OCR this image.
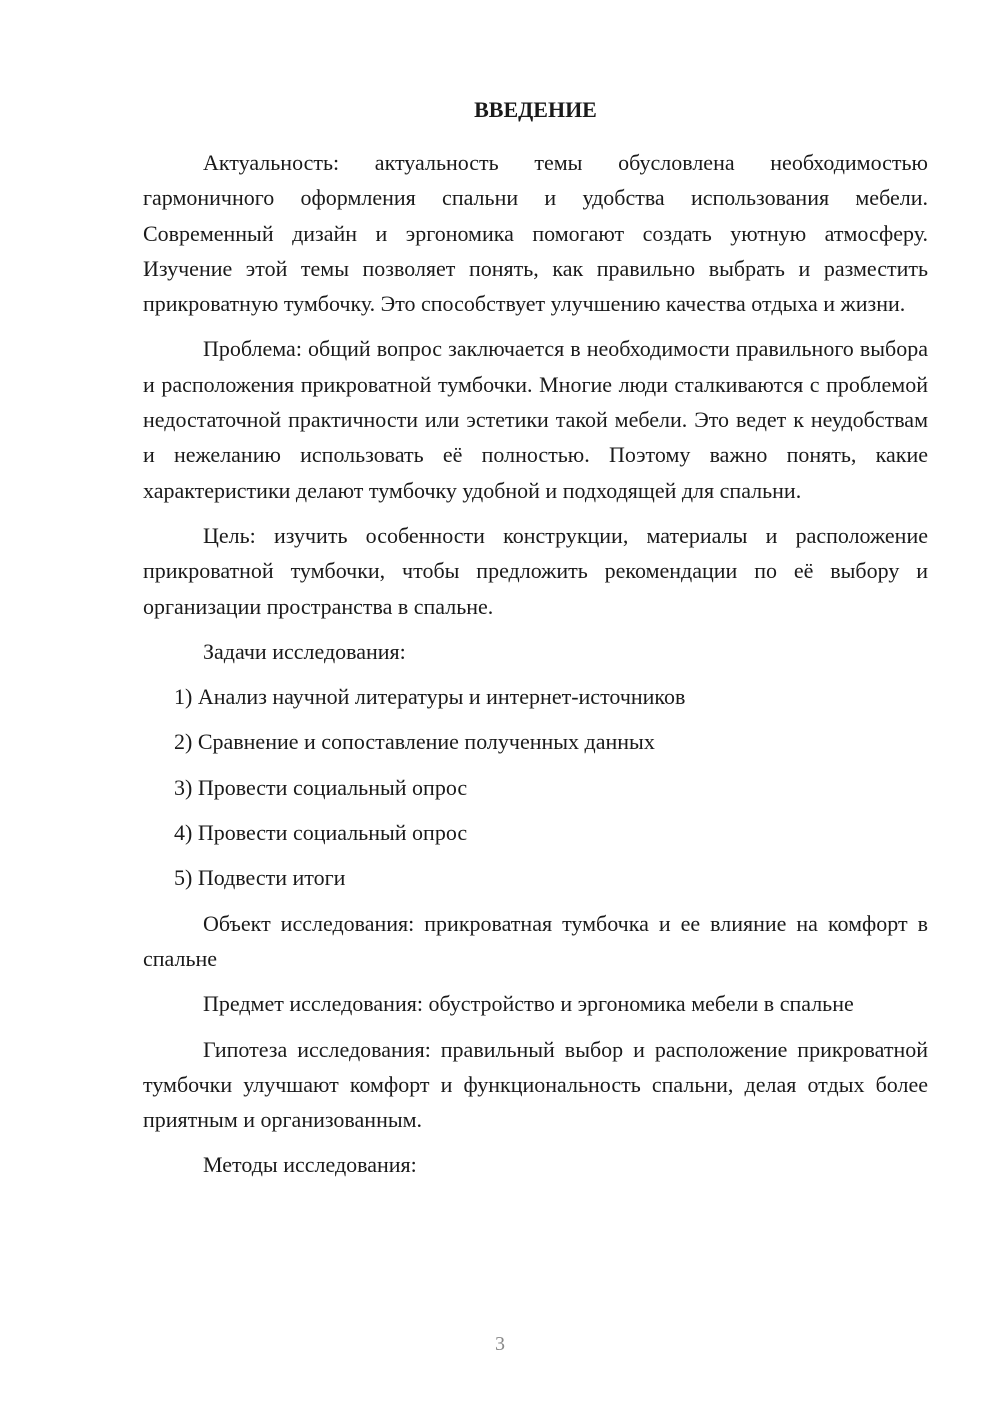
ВВЕДЕНИЕ

Актуальность: актуальность темы обусловлена необходимостью гармоничного оформления спальни и удобства использования мебели. Современный дизайн и эргономика помогают создать уютную атмосферу. Изучение этой темы позволяет понять, как правильно выбрать и разместить прикроватную тумбочку. Это способствует улучшению качества отдыха и жизни.

Проблема: общий вопрос заключается в необходимости правильного выбора и расположения прикроватной тумбочки. Многие люди сталкиваются с проблемой недостаточной практичности или эстетики такой мебели. Это ведет к неудобствам и нежеланию использовать её полностью. Поэтому важно понять, какие характеристики делают тумбочку удобной и подходящей для спальни.

Цель: изучить особенности конструкции, материалы и расположение прикроватной тумбочки, чтобы предложить рекомендации по её выбору и организации пространства в спальне.

Задачи исследования:

1) Анализ научной литературы и интернет-источников

2) Сравнение и сопоставление полученных данных

3) Провести социальный опрос

4) Провести социальный опрос

5) Подвести итоги

Объект исследования: прикроватная тумбочка и ее влияние на комфорт в спальне

Предмет исследования: обустройство и эргономика мебели в спальне

Гипотеза исследования: правильный выбор и расположение прикроватной тумбочки улучшают комфорт и функциональность спальни, делая отдых более приятным и организованным.

Методы исследования:

3
